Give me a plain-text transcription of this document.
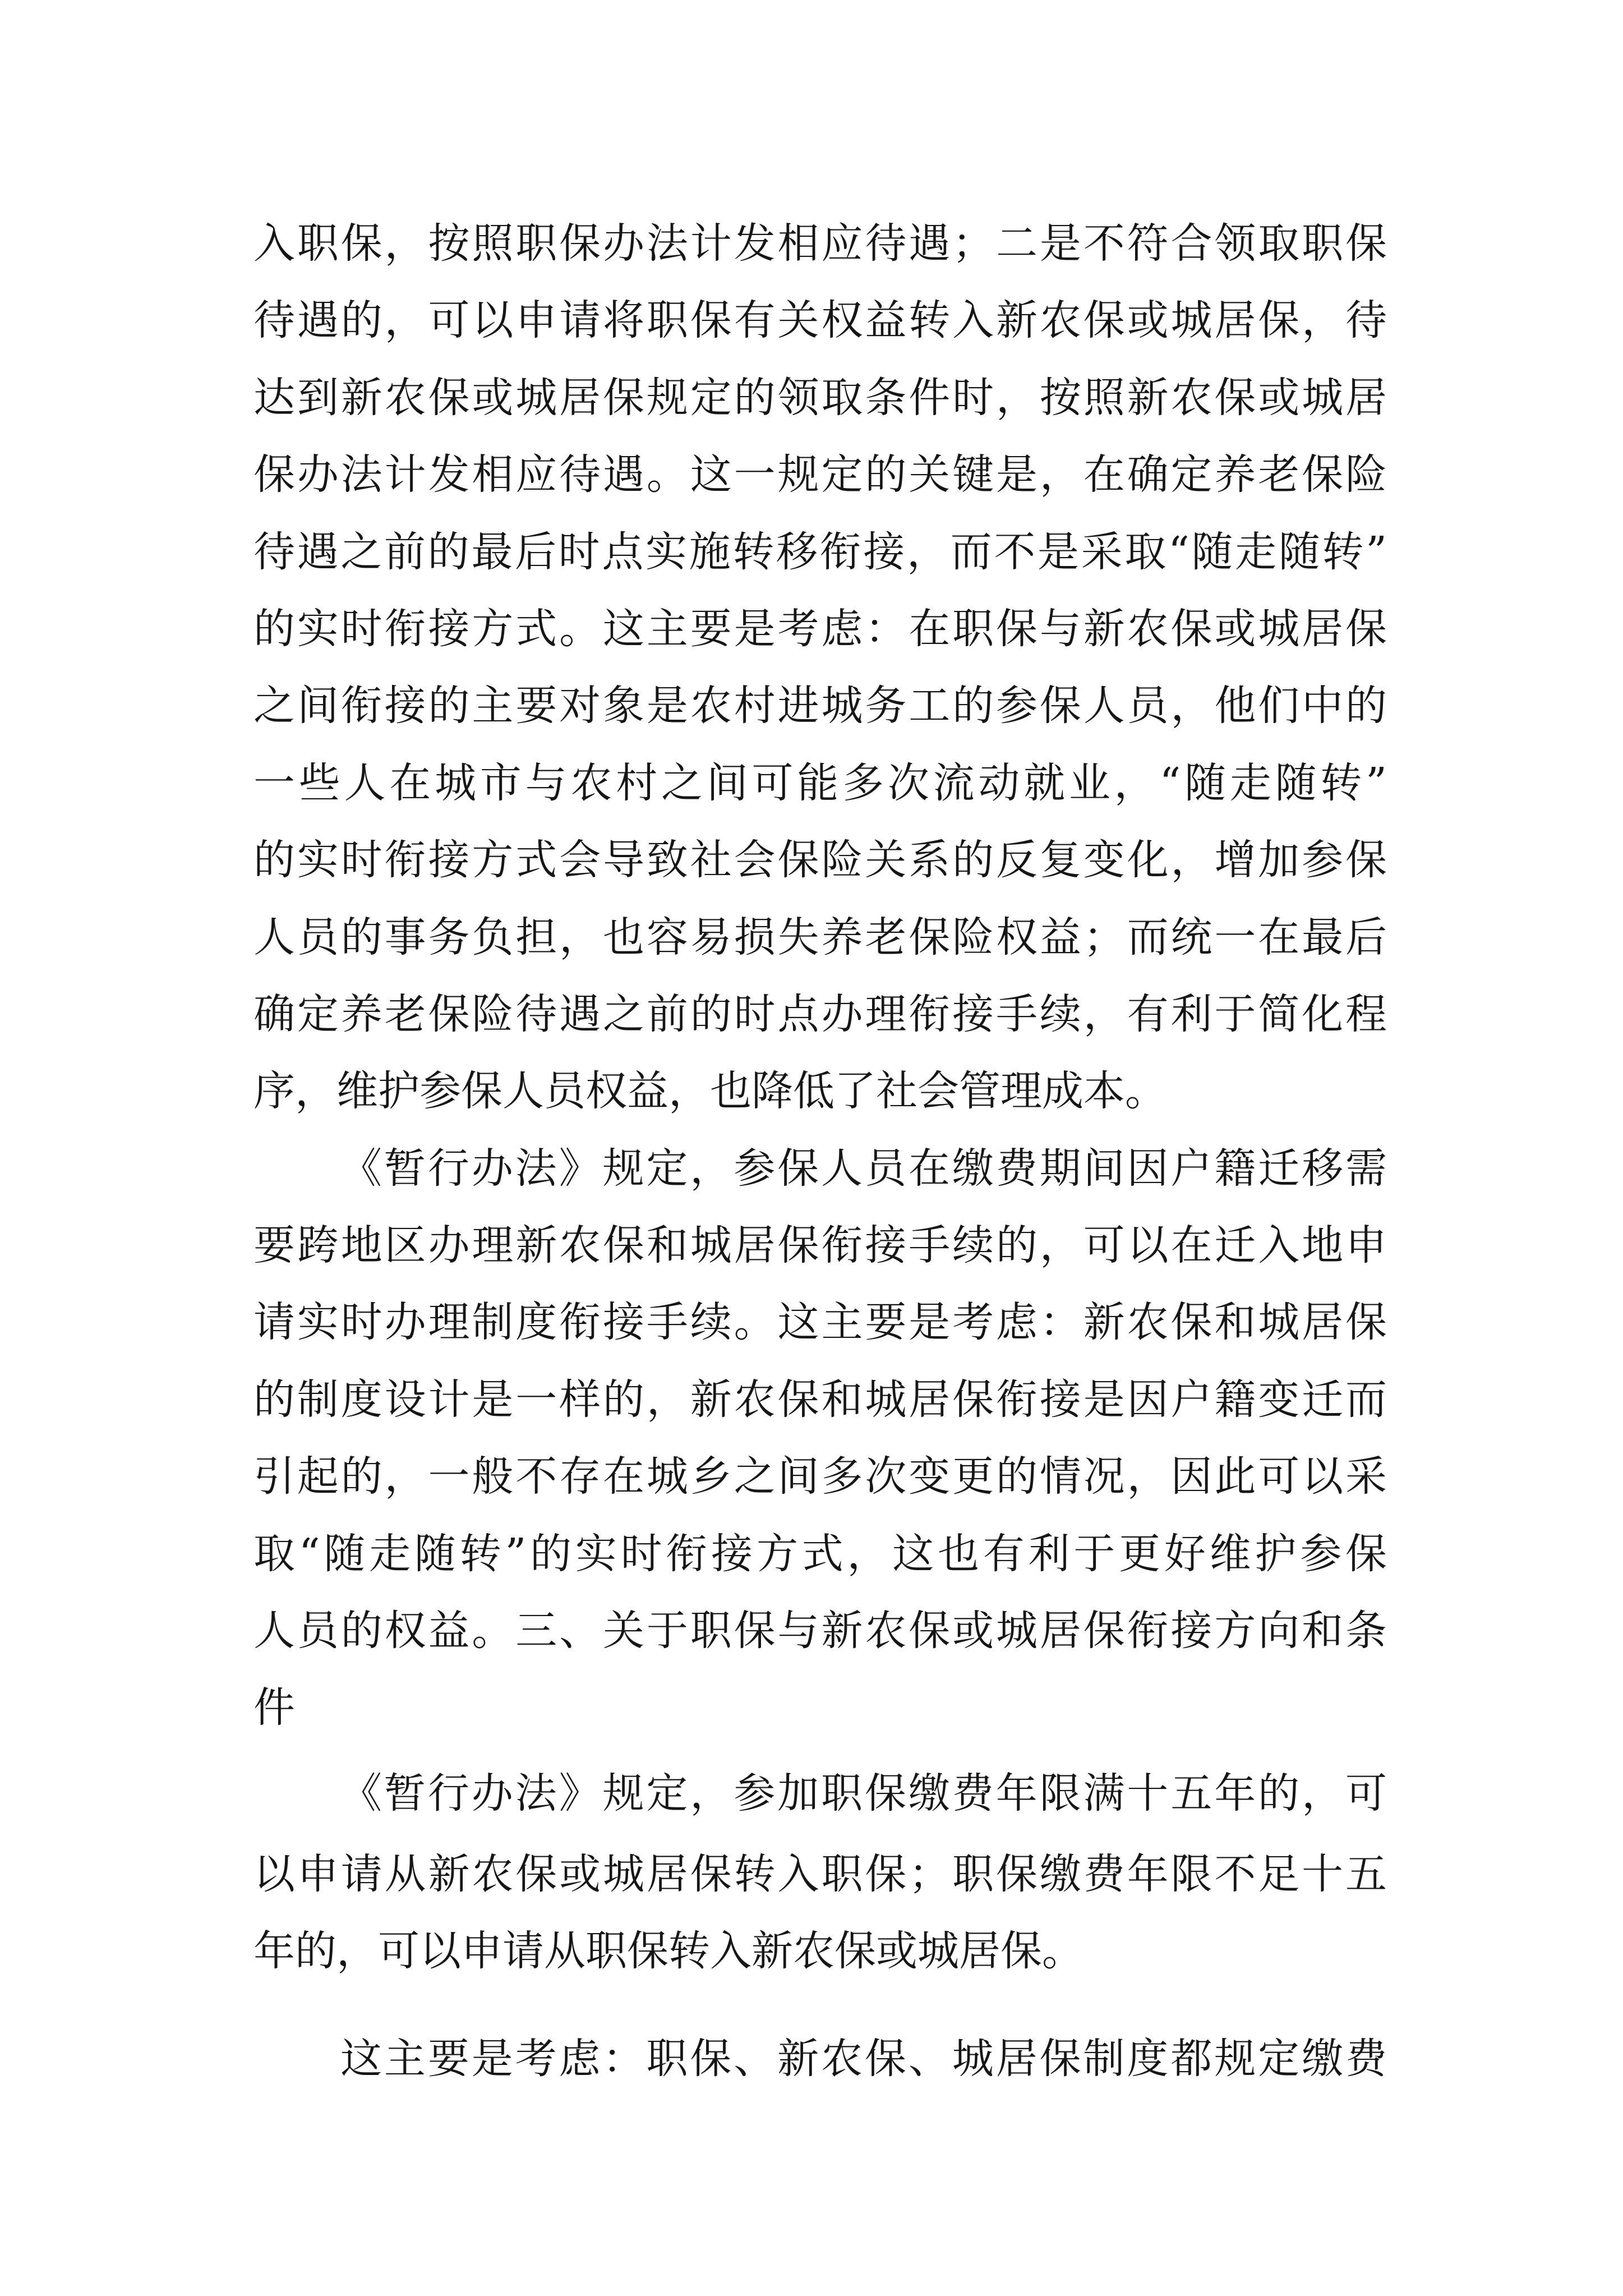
入职保，按照职保办法计发相应待遇；二是不符合领取职保
待遇的，可以申请将职保有关权益转入新农保或城居保，待
达到新农保或城居保规定的领取条件时，按照新农保或城居
保办法计发相应待遇。这一规定的关键是，在确定养老保险
待遇之前的最后时点实施转移衔接，而不是采取“随走随转”
的实时衔接方式。这主要是考虑：在职保与新农保或城居保
之间衔接的主要对象是农村进城务工的参保人员，他们中的
一些人在城市与农村之间可能多次流动就业，“随走随转”
的实时衔接方式会导致社会保险关系的反复变化，增加参保
人员的事务负担，也容易损失养老保险权益；而统一在最后
确定养老保险待遇之前的时点办理衔接手续，有利于简化程
序，维护参保人员权益，也降低了社会管理成本。
《暂行办法》规定，参保人员在缴费期间因户籍迁移需
要跨地区办理新农保和城居保衔接手续的，可以在迁入地申
请实时办理制度衔接手续。这主要是考虑：新农保和城居保
的制度设计是一样的，新农保和城居保衔接是因户籍变迁而
引起的，一般不存在城乡之间多次变更的情况，因此可以采
取“随走随转”的实时衔接方式，这也有利于更好维护参保
人员的权益。三、关于职保与新农保或城居保衔接方向和条
件
《暂行办法》规定，参加职保缴费年限满十五年的，可
以申请从新农保或城居保转入职保；职保缴费年限不足十五
年的，可以申请从职保转入新农保或城居保。
这主要是考虑：职保、新农保、城居保制度都规定缴费
